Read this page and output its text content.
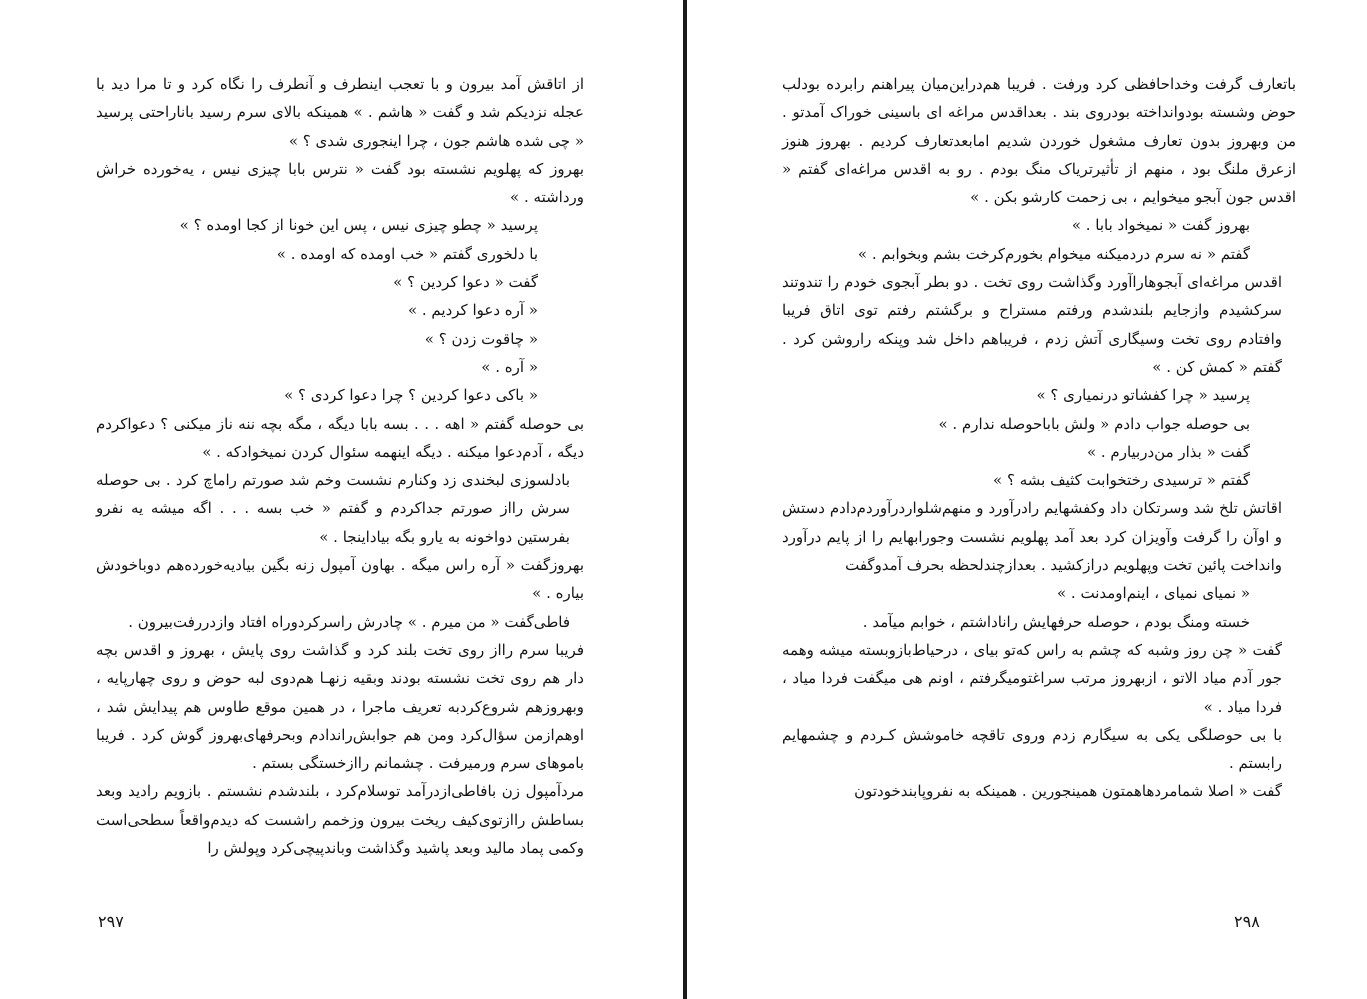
از اتاقش آمد بیرون و با تعجب اینطرف و آنطرف را نگاه کرد و تا مرا دید با عجله نزدیکم شد و گفت « هاشم . » همینکه بالای سرم رسید باناراحتی پرسید « چی شده هاشم جون ، چرا اینجوری شدی ؟ »

بهروز که پهلویم نشسته بود گفت « نترس بابا چیزی نیس ، یه‌خورده خراش ورداشته . »

پرسید « چطو چیزی نیس ، پس این خونا از کجا اومده ؟ »

با دلخوری گفتم « خب اومده که اومده . »

گفت « دعوا کردین ؟ »

« آره دعوا کردیم . »

« چاقوت زدن ؟ »

« آره . »

« باکی دعوا کردین ؟ چرا دعوا کردی ؟ »

بی حوصله گفتم « اهه . . . بسه بابا دیگه ، مگه بچه ننه ناز میکنی ؟ دعواکردم دیگه ، آدم‌دعوا میکنه . دیگه اینهمه سئوال کردن نمیخوادکه . »

بادلسوزی لبخندی زد وکنارم نشست وخم شد صورتم راماچ کرد . بی حوصله سرش رااز صورتم جداکردم و گفتم « خب بسه . . . اگه میشه یه نفرو بفرستین دواخونه به یارو بگه بیاداینجا . »

بهروزگفت « آره راس میگه . بهاون آمپول زنه بگین بیادیه‌خورده‌هم دوباخودش بیاره . »

فاطی‌گفت « من میرم . » چادرش راسرکردوراه افتاد وازدررفت‌بیرون .

فریبا سرم رااز روی تخت بلند کرد و گذاشت روی پایش ، بهروز و اقدس بچه دار هم روی تخت نشسته بودند وبقیه زنهـا هم‌دوی لبه حوض و روی چهارپایه ، وبهروزهم شروع‌کردبه تعریف ماجرا ، در همین موقع طاوس هم پیدایش شد ، اوهم‌ازمن سؤال‌کرد ومن هم جوابش‌راندادم وبحرفهای‌بهروز گوش کرد . فریبا باموهای سرم ورمیرفت . چشمانم رااز‌خستگی بستم .

مردآمپول زن بافاطی‌ازدرآمد توسلام‌کرد ، بلندشدم نشستم . بازویم رادید وبعد بساطش رااز‌توی‌کیف ریخت بیرون وزخمم راشست که دیدم‌واقعاً سطحی‌است وکمی پماد مالید وبعد پاشید وگذاشت وباندپیچی‌کرد وپولش را

۲۹۷

باتعارف گرفت وخداحافظی کرد ورفت . فریبا هم‌دراین‌میان پیراهنم رابرده بودلب حوض وشسته بودوانداخته بودروی بند . بعداقدس مراغه ای باسینی خوراک آمدتو . من وبهروز بدون تعارف مشغول خوردن شدیم امابعدتعارف کردیم . بهروز هنوز ازعرق ملنگ بود ، منهم از تأثیرتریاک منگ بودم . رو به اقدس مراغه‌ای گفتم « اقدس جون آبجو میخوایم ، بی زحمت کارشو بکن . »

بهروز گفت « نمیخواد بابا . »

گفتم « نه سرم دردمیکنه میخوام بخورم‌کرخت بشم وبخوابم . »

اقدس مراغه‌ای آبجوهاراآورد وگذاشت روی تخت . دو بطر آبجوی خودم را تندوتند سرکشیدم وازجایم بلندشدم ورفتم مستراح و برگشتم رفتم توی اتاق فریبا وافتادم روی تخت وسیگاری آتش زدم ، فریباهم داخل شد وپنکه راروشن کرد . گفتم « کمش کن . »

پرسید « چرا کفشاتو درنمیاری ؟ »

بی حوصله جواب دادم « ولش باباحوصله ندارم . »

گفت « بذار من‌دربیارم . »

گفتم « ترسیدی رختخوابت کثیف بشه ؟ »

اقاتش تلخ شد وسرتکان داد وکفشهایم رادرآورد و منهم‌شلواردرآوردم‌دادم دستش و اوآن را گرفت وآویزان کرد بعد آمد پهلویم نشست وجورابهایم را از پایم درآورد وانداخت پائین تخت وپهلویم درازکشید . بعدازچندلحظه بحرف آمدوگفت

« نمیای نمیای ، اینم‌اومدنت . »

خسته ومنگ بودم ، حوصله حرفهایش راناداشتم ، خوابم میآمد .

گفت « چن روز وشبه که چشم به راس که‌تو بیای ، درحیاط‌بازو‌بسته میشه وهمه جور آدم میاد الاتو ، ازبهروز مرتب سراغتومیگرفتم ، اونم هی میگفت فردا میاد ، فردا میاد . »

با بی حوصلگی یکی به سیگارم زدم وروی تاقچه خاموشش کـردم و چشمهایم رابستم .

گفت « اصلا شمامردهاهمتون همینجورین . همینکه به نفروپابندخودتون

۲۹۸
